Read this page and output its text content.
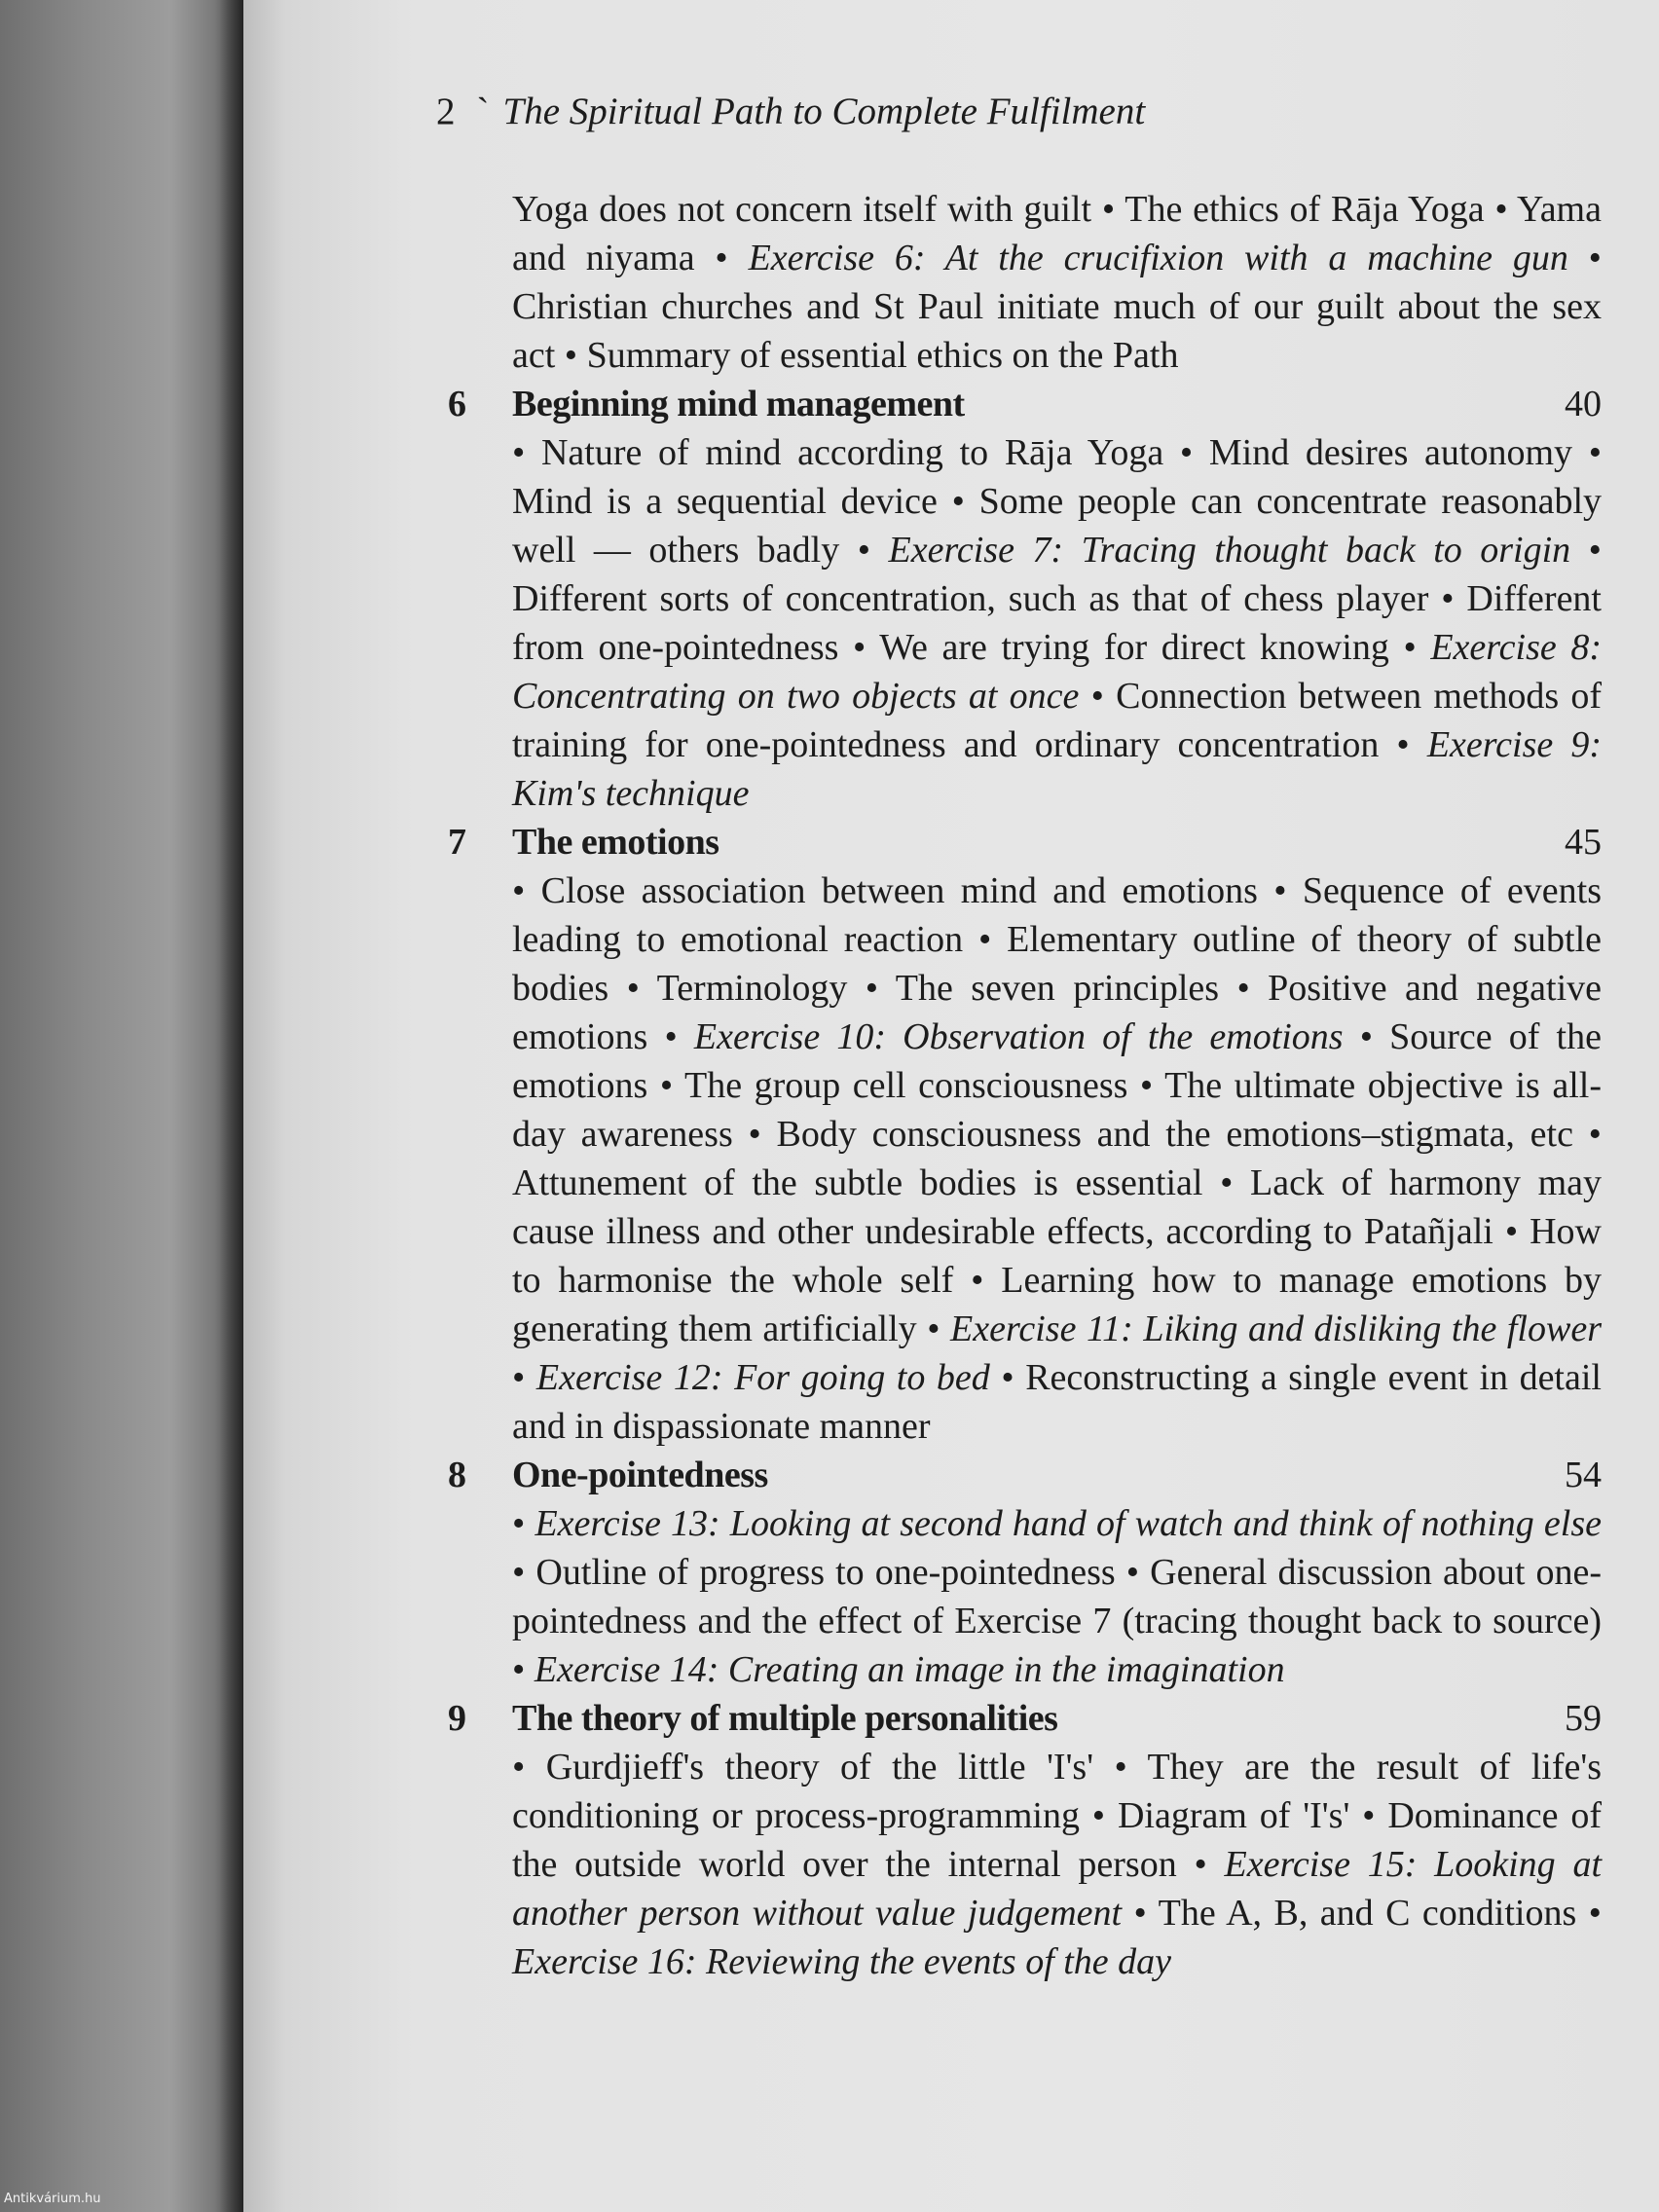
2 ` The Spiritual Path to Complete Fulfilment

Yoga does not concern itself with guilt • The ethics of Rāja Yoga • Yama and niyama • Exercise 6: At the crucifixion with a machine gun • Christian churches and St Paul initiate much of our guilt about the sex act • Summary of essential ethics on the Path

6	Beginning mind management	40

• Nature of mind according to Rāja Yoga • Mind desires autonomy • Mind is a sequential device • Some people can concentrate reasonably well — others badly • Exercise 7: Tracing thought back to origin • Different sorts of concentration, such as that of chess player • Different from one-pointedness • We are trying for direct knowing • Exercise 8: Concentrating on two objects at once • Connection between methods of training for one-pointedness and ordinary concentration • Exercise 9: Kim's technique

7	The emotions	45

• Close association between mind and emotions • Sequence of events leading to emotional reaction • Elementary outline of theory of subtle bodies • Terminology • The seven principles • Positive and negative emotions • Exercise 10: Observation of the emotions • Source of the emotions • The group cell consciousness • The ultimate objective is all-day awareness • Body consciousness and the emotions–stigmata, etc • Attunement of the subtle bodies is essential • Lack of harmony may cause illness and other undesirable effects, according to Patañjali • How to harmonise the whole self • Learning how to manage emotions by generating them artificially • Exercise 11: Liking and disliking the flower • Exercise 12: For going to bed • Reconstructing a single event in detail and in dispassionate manner

8	One-pointedness	54

• Exercise 13: Looking at second hand of watch and think of nothing else • Outline of progress to one-pointedness • General discussion about one-pointedness and the effect of Exercise 7 (tracing thought back to source) • Exercise 14: Creating an image in the imagination

9	The theory of multiple personalities	59

• Gurdjieff's theory of the little 'I's' • They are the result of life's conditioning or process-programming • Diagram of 'I's' • Dominance of the outside world over the internal person • Exercise 15: Looking at another person without value judgement • The A, B, and C conditions • Exercise 16: Reviewing the events of the day

Antikvárium.hu
